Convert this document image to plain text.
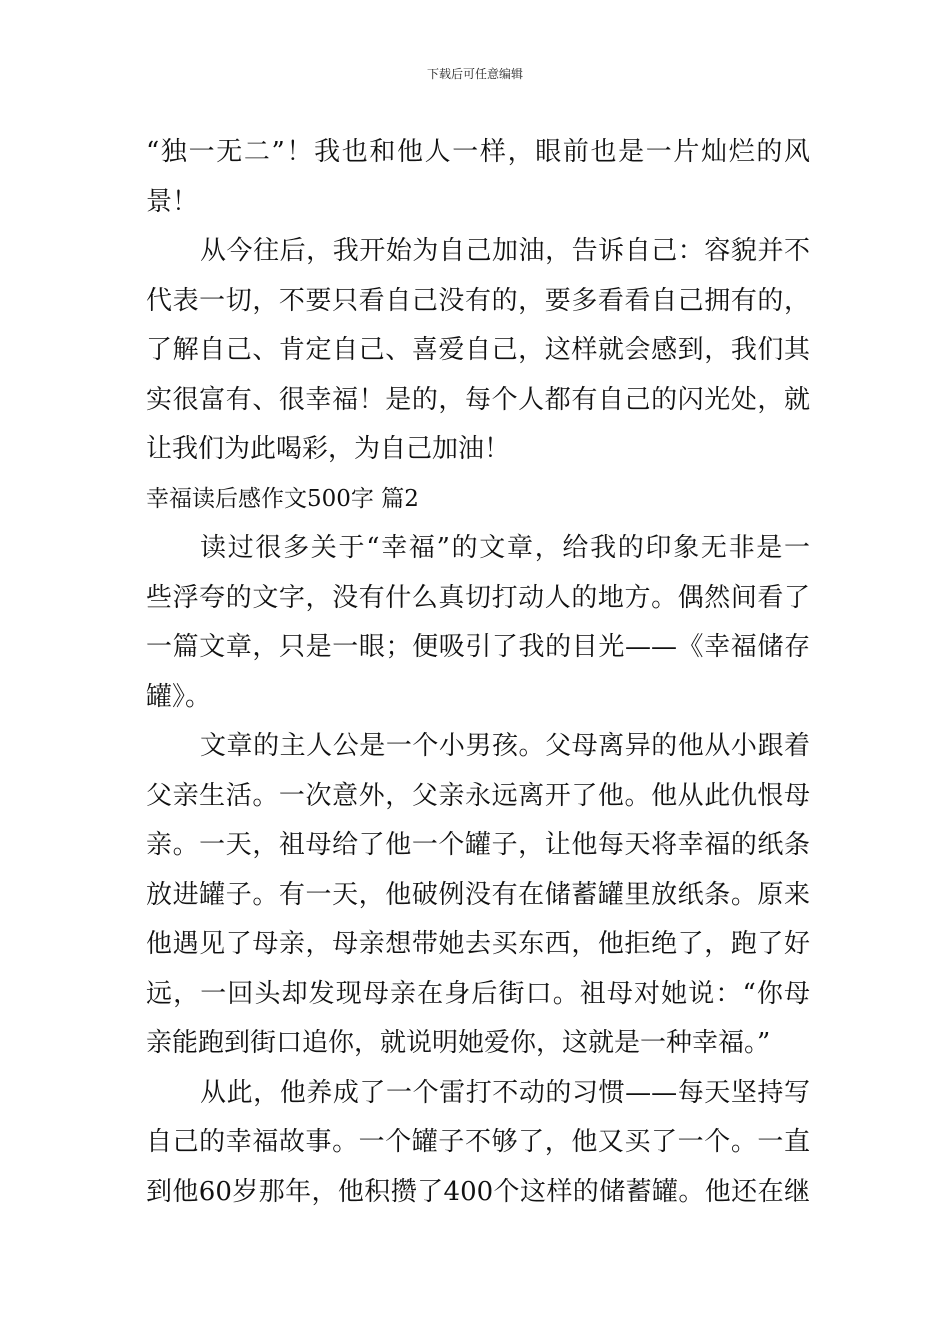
下载后可任意编辑
“独一无二”！我也和他人一样，眼前也是一片灿烂的风
景！
从今往后，我开始为自己加油，告诉自己：容貌并不
代表一切，不要只看自己没有的，要多看看自己拥有的，
了解自己、肯定自己、喜爱自己，这样就会感到，我们其
实很富有、很幸福！是的，每个人都有自己的闪光处，就
让我们为此喝彩，为自己加油！
幸福读后感作文500字 篇2
读过很多关于“幸福”的文章，给我的印象无非是一
些浮夸的文字，没有什么真切打动人的地方。偶然间看了
一篇文章，只是一眼；便吸引了我的目光——《幸福储存
罐》。
文章的主人公是一个小男孩。父母离异的他从小跟着
父亲生活。一次意外，父亲永远离开了他。他从此仇恨母
亲。一天，祖母给了他一个罐子，让他每天将幸福的纸条
放进罐子。有一天，他破例没有在储蓄罐里放纸条。原来
他遇见了母亲，母亲想带她去买东西，他拒绝了，跑了好
远，一回头却发现母亲在身后街口。祖母对她说：“你母
亲能跑到街口追你，就说明她爱你，这就是一种幸福。”
从此，他养成了一个雷打不动的习惯——每天坚持写
自己的幸福故事。一个罐子不够了，他又买了一个。一直
到他60岁那年，他积攒了400个这样的储蓄罐。他还在继
